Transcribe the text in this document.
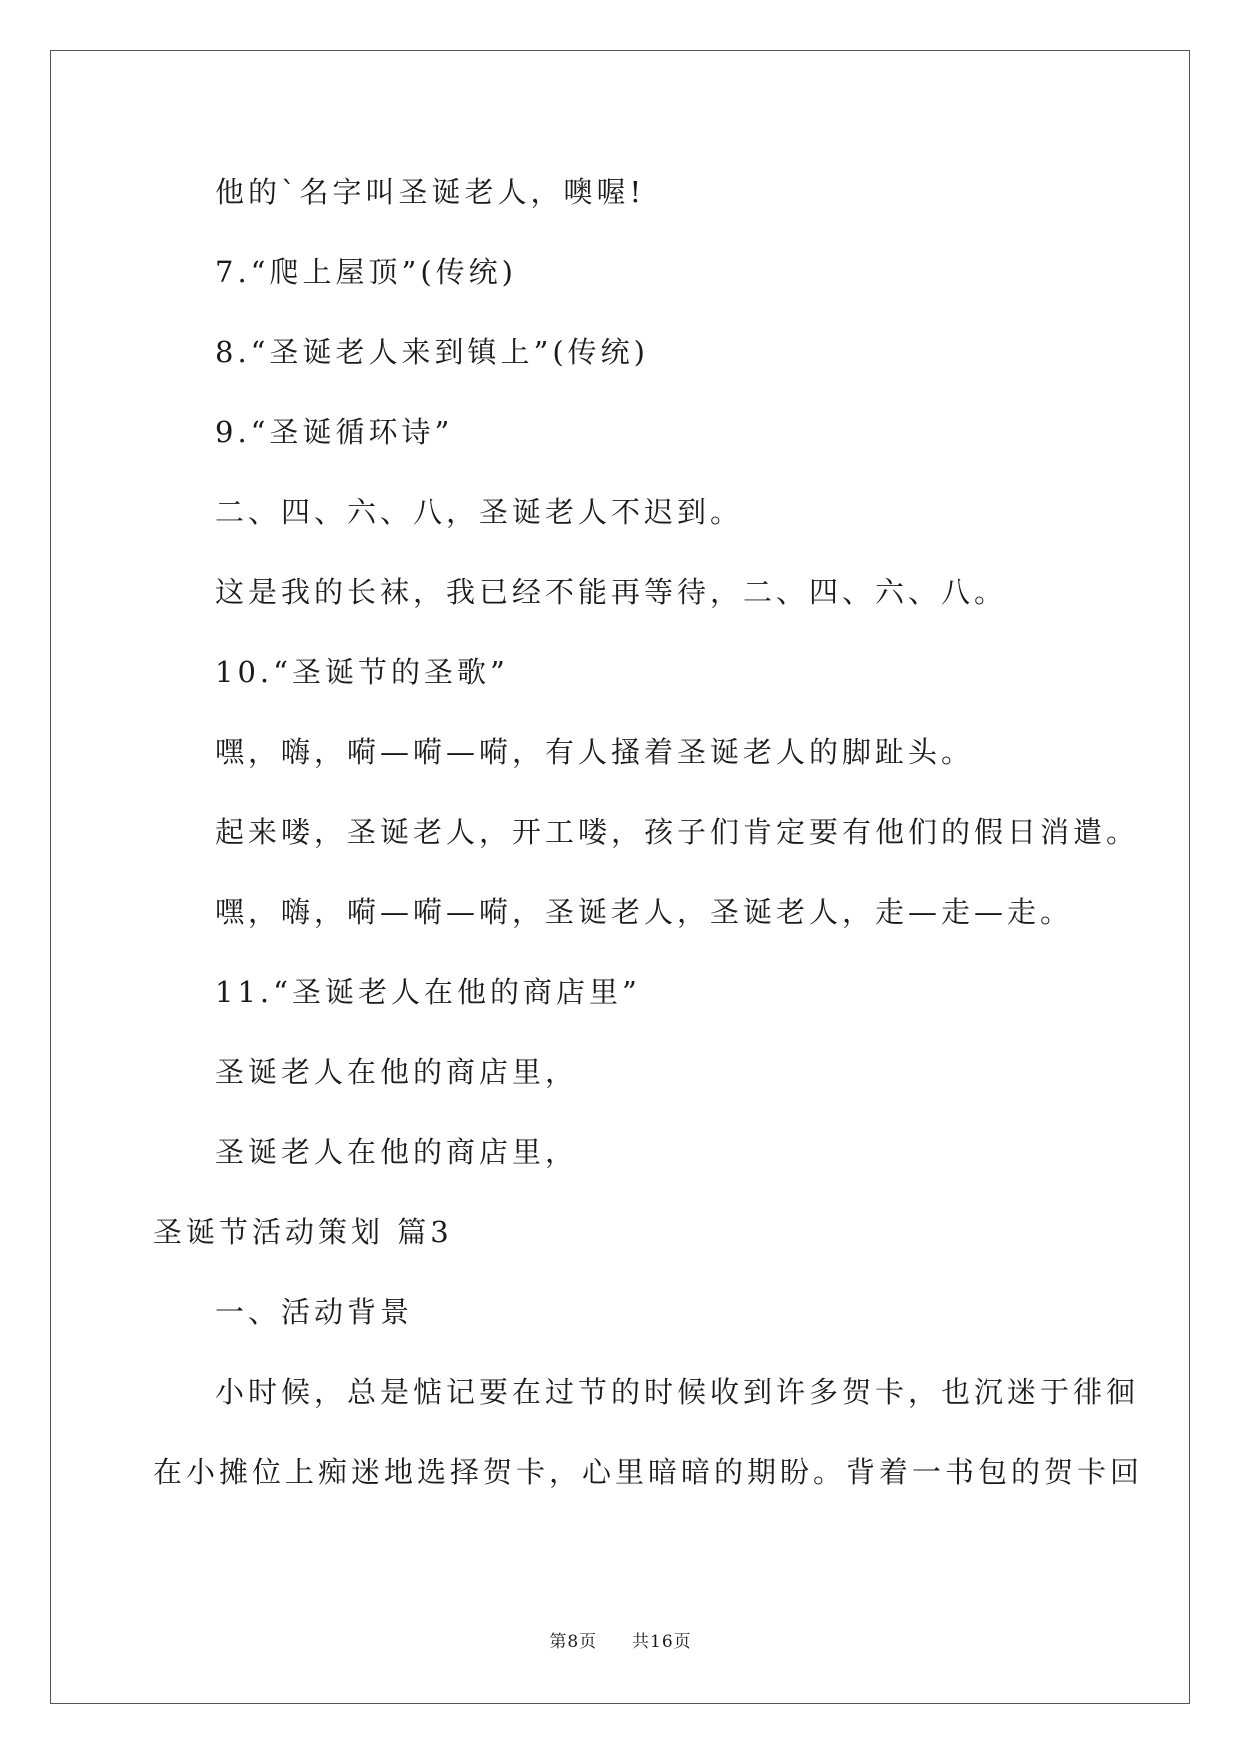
他的`名字叫圣诞老人，噢喔!
7.“爬上屋顶”(传统)
8.“圣诞老人来到镇上”(传统)
9.“圣诞循环诗”
二、四、六、八，圣诞老人不迟到。
这是我的长袜，我已经不能再等待，二、四、六、八。
10.“圣诞节的圣歌”
嘿，嗨，嗬—嗬—嗬，有人搔着圣诞老人的脚趾头。
起来喽，圣诞老人，开工喽，孩子们肯定要有他们的假日消遣。
嘿，嗨，嗬—嗬—嗬，圣诞老人，圣诞老人，走—走—走。
11.“圣诞老人在他的商店里”
圣诞老人在他的商店里，
圣诞老人在他的商店里，
圣诞节活动策划 篇3
一、活动背景
小时候，总是惦记要在过节的时候收到许多贺卡，也沉迷于徘徊
在小摊位上痴迷地选择贺卡，心里暗暗的期盼。背着一书包的贺卡回
第8页 共16页
